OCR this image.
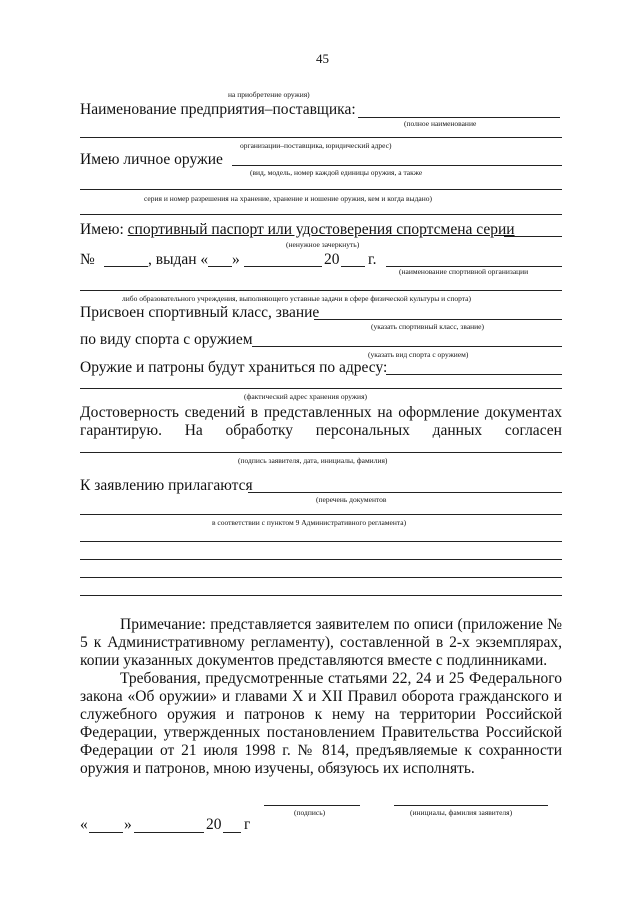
45
на приобретение оружия)
Наименование предприятия–поставщика:
(полное наименование
организации–поставщика, юридический адрес)
Имею личное оружие
(вид, модель, номер каждой единицы оружия, а также
серия и номер разрешения на хранение, хранение и ношение оружия, кем и когда выдано)
Имею: спортивный паспорт или удостоверения спортсмена серии
(ненужное зачеркнуть)
№	, выдан « »	20 г.
(наименование спортивной организации
либо образовательного учреждения, выполняющего уставные задачи в сфере физической культуры и спорта)
Присвоен спортивный класс, звание
(указать спортивный класс, звание)
по виду спорта с оружием
(указать вид спорта с оружием)
Оружие и патроны будут храниться по адресу:
(фактический адрес хранения оружия)
Достоверность сведений в представленных на оформление документах
гарантирую. На обработку персональных данных согласен
(подпись заявителя, дата, инициалы, фамилия)
К заявлению прилагаются
(перечень документов
в соответствии с пунктом 9 Административного регламента)
Примечание: представляется заявителем по описи (приложение № 5 к Административному регламенту), составленной в 2-х экземплярах, копии указанных документов представляются вместе с подлинниками.
Требования, предусмотренные статьями 22, 24 и 25 Федерального закона «Об оружии» и главами X и XII Правил оборота гражданского и служебного оружия и патронов к нему на территории Российской Федерации, утвержденных постановлением Правительства Российской Федерации от 21 июля 1998 г. № 814, предъявляемые к сохранности оружия и патронов, мною изучены, обязуюсь их исполнять.
(подпись)	(инициалы, фамилия заявителя)
« »	20 г
